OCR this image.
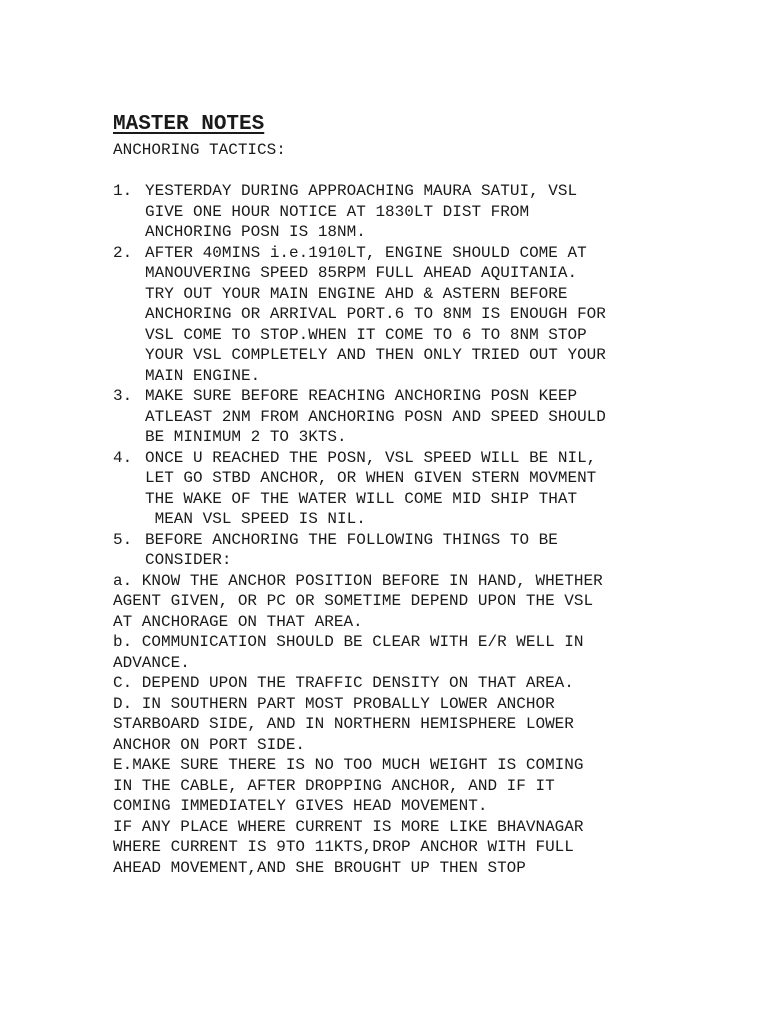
MASTER NOTES
ANCHORING TACTICS:
1. YESTERDAY DURING APPROACHING MAURA SATUI, VSL
GIVE ONE HOUR NOTICE AT 1830LT DIST FROM
ANCHORING POSN IS 18NM.
2. AFTER 40MINS i.e.1910LT, ENGINE SHOULD COME AT
MANOUVERING SPEED 85RPM FULL AHEAD AQUITANIA.
TRY OUT YOUR MAIN ENGINE AHD & ASTERN BEFORE
ANCHORING OR ARRIVAL PORT.6 TO 8NM IS ENOUGH FOR
VSL COME TO STOP.WHEN IT COME TO 6 TO 8NM STOP
YOUR VSL COMPLETELY AND THEN ONLY TRIED OUT YOUR
MAIN ENGINE.
3. MAKE SURE BEFORE REACHING ANCHORING POSN KEEP
ATLEAST 2NM FROM ANCHORING POSN AND SPEED SHOULD
BE MINIMUM 2 TO 3KTS.
4. ONCE U REACHED THE POSN, VSL SPEED WILL BE NIL,
LET GO STBD ANCHOR, OR WHEN GIVEN STERN MOVMENT
THE WAKE OF THE WATER WILL COME MID SHIP THAT
MEAN VSL SPEED IS NIL.
5. BEFORE ANCHORING THE FOLLOWING THINGS TO BE
CONSIDER:
a. KNOW THE ANCHOR POSITION BEFORE IN HAND, WHETHER
AGENT GIVEN, OR PC OR SOMETIME DEPEND UPON THE VSL
AT ANCHORAGE ON THAT AREA.
b. COMMUNICATION SHOULD BE CLEAR WITH E/R WELL IN
ADVANCE.
C. DEPEND UPON THE TRAFFIC DENSITY ON THAT AREA.
D. IN SOUTHERN PART MOST PROBALLY LOWER ANCHOR
STARBOARD SIDE, AND IN NORTHERN HEMISPHERE LOWER
ANCHOR ON PORT SIDE.
E.MAKE SURE THERE IS NO TOO MUCH WEIGHT IS COMING
IN THE CABLE, AFTER DROPPING ANCHOR, AND IF IT
COMING IMMEDIATELY GIVES HEAD MOVEMENT.
IF ANY PLACE WHERE CURRENT IS MORE LIKE BHAVNAGAR
WHERE CURRENT IS 9TO 11KTS,DROP ANCHOR WITH FULL
AHEAD MOVEMENT,AND SHE BROUGHT UP THEN STOP
